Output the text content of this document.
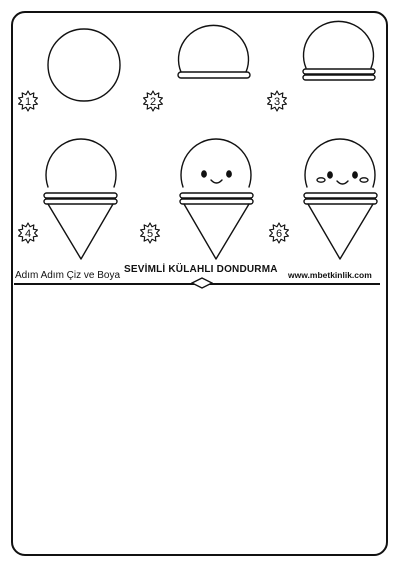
1	2	3
4	5	6
Adım Adım Çiz ve Boya
SEVİMLİ KÜLAHLI DONDURMA www.mbetkinlik.com
